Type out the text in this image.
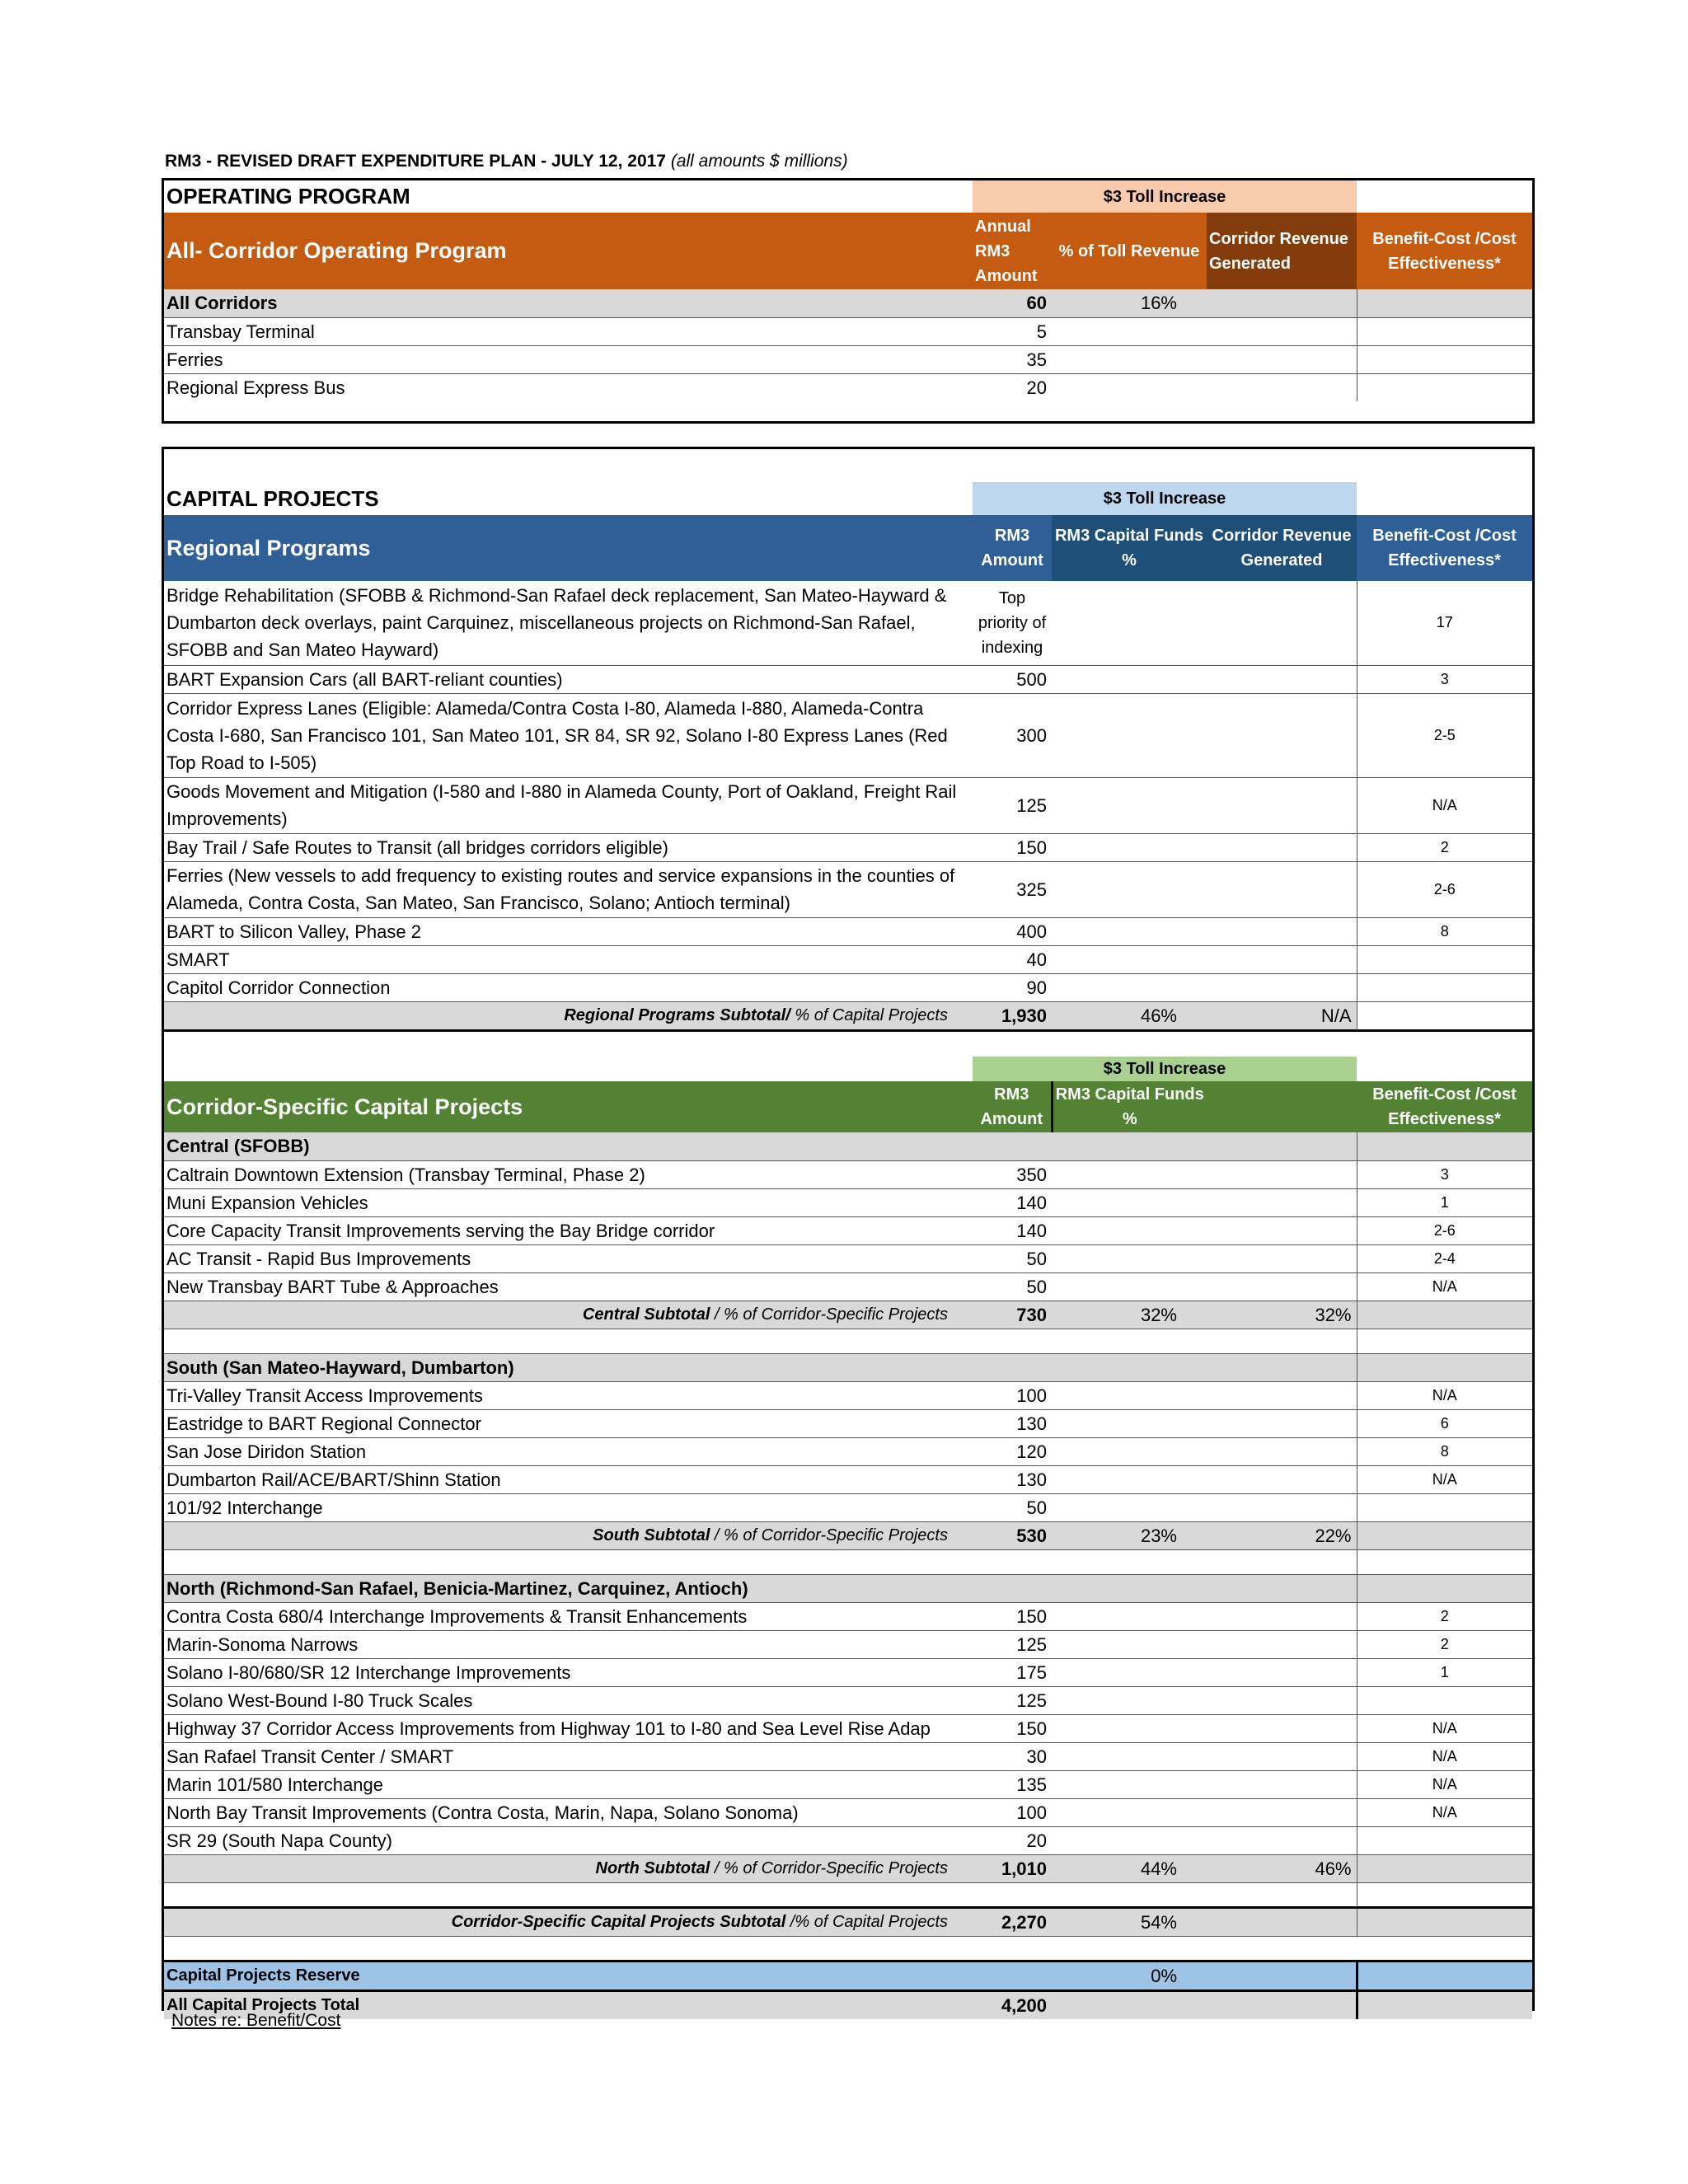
RM3 - REVISED DRAFT EXPENDITURE PLAN - JULY 12, 2017 (all amounts $ millions)
OPERATING PROGRAM	$3 Toll Increase			
All- Corridor Operating Program	Annual RM3 Amount	% of Toll Revenue	Corridor Revenue Generated	Benefit-Cost /Cost Effectiveness*
All Corridors	60	16%		
Transbay Terminal	5			
Ferries	35			
Regional Express Bus	20			

CAPITAL PROJECTS	$3 Toll Increase			
Regional Programs	RM3 Amount	RM3 Capital Funds %	Corridor Revenue Generated	Benefit-Cost /Cost Effectiveness*
Bridge Rehabilitation (SFOBB & Richmond-San Rafael deck replacement, San Mateo-Hayward & Dumbarton deck overlays, paint Carquinez, miscellaneous projects on Richmond-San Rafael, SFOBB and San Mateo Hayward)	Top priority of indexing			17
BART Expansion Cars (all BART-reliant counties)	500			3
Corridor Express Lanes (Eligible: Alameda/Contra Costa I-80, Alameda I-880, Alameda-Contra Costa I-680, San Francisco 101, San Mateo 101, SR 84, SR 92, Solano I-80 Express Lanes (Red Top Road to I-505)	300			2-5
Goods Movement and Mitigation (I-580 and I-880 in Alameda County, Port of Oakland, Freight Rail Improvements)	125			N/A
Bay Trail / Safe Routes to Transit (all bridges corridors eligible)	150			2
Ferries (New vessels to add frequency to existing routes and service expansions in the counties of Alameda, Contra Costa, San Mateo, San Francisco, Solano; Antioch terminal)	325			2-6
BART to Silicon Valley, Phase 2	400			8
SMART	40			
Capitol Corridor Connection	90			
Regional Programs Subtotal/ % of Capital Projects	1,930	46%	N/A	

	$3 Toll Increase			
Corridor-Specific Capital Projects	RM3 Amount	RM3 Capital Funds %		Benefit-Cost /Cost Effectiveness*
Central (SFOBB)				
Caltrain Downtown Extension (Transbay Terminal, Phase 2)	350			3
Muni Expansion Vehicles	140			1
Core Capacity Transit Improvements serving the Bay Bridge corridor	140			2-6
AC Transit - Rapid Bus Improvements	50			2-4
New Transbay BART Tube & Approaches	50			N/A
Central Subtotal / % of Corridor-Specific Projects	730	32%	32%	

South (San Mateo-Hayward, Dumbarton)				
Tri-Valley Transit Access Improvements	100			N/A
Eastridge to BART Regional Connector	130			6
San Jose Diridon Station	120			8
Dumbarton Rail/ACE/BART/Shinn Station	130			N/A
101/92 Interchange	50			
South Subtotal / % of Corridor-Specific Projects	530	23%	22%	

North (Richmond-San Rafael, Benicia-Martinez, Carquinez, Antioch)				
Contra Costa 680/4 Interchange Improvements & Transit Enhancements	150			2
Marin-Sonoma Narrows	125			2
Solano I-80/680/SR 12 Interchange Improvements	175			1
Solano West-Bound I-80 Truck Scales	125			
Highway 37 Corridor Access Improvements from Highway 101 to I-80 and Sea Level Rise Adap	150			N/A
San Rafael Transit Center / SMART	30			N/A
Marin 101/580 Interchange	135			N/A
North Bay Transit Improvements (Contra Costa, Marin, Napa, Solano Sonoma)	100			N/A
SR 29 (South Napa County)	20			
North Subtotal / % of Corridor-Specific Projects	1,010	44%	46%	

Corridor-Specific Capital Projects Subtotal /% of Capital Projects	2,270	54%		

Capital Projects Reserve		0%		
All Capital Projects Total	4,200			
Notes re: Benefit/Cost
